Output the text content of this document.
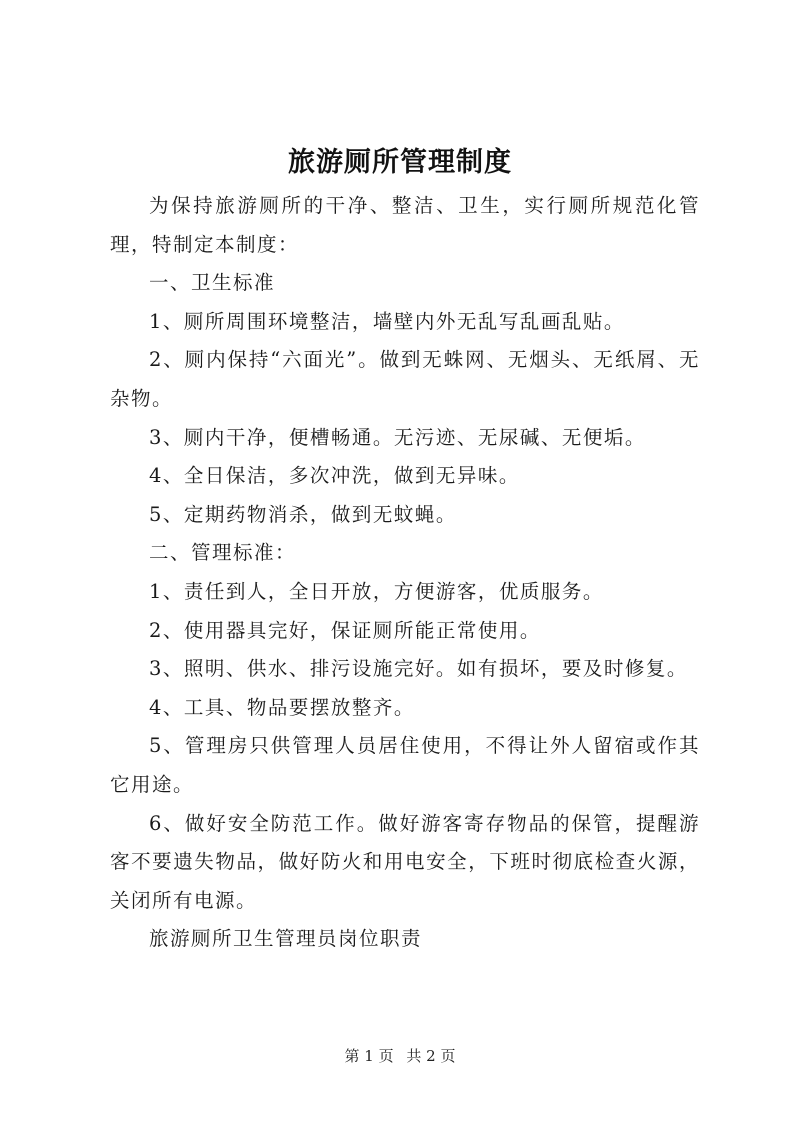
旅游厕所管理制度

为保持旅游厕所的干净、整洁、卫生，实行厕所规范化管理，特制定本制度：

一、卫生标准

1、厕所周围环境整洁，墙壁内外无乱写乱画乱贴。

2、厕内保持“六面光”。做到无蛛网、无烟头、无纸屑、无杂物。

3、厕内干净，便槽畅通。无污迹、无尿碱、无便垢。

4、全日保洁，多次冲洗，做到无异味。

5、定期药物消杀，做到无蚊蝇。

二、管理标准：

1、责任到人，全日开放，方便游客，优质服务。

2、使用器具完好，保证厕所能正常使用。

3、照明、供水、排污设施完好。如有损坏，要及时修复。

4、工具、物品要摆放整齐。

5、管理房只供管理人员居住使用，不得让外人留宿或作其它用途。

6、做好安全防范工作。做好游客寄存物品的保管，提醒游客不要遗失物品，做好防火和用电安全，下班时彻底检查火源，关闭所有电源。

旅游厕所卫生管理员岗位职责

第 1 页 共 2 页
